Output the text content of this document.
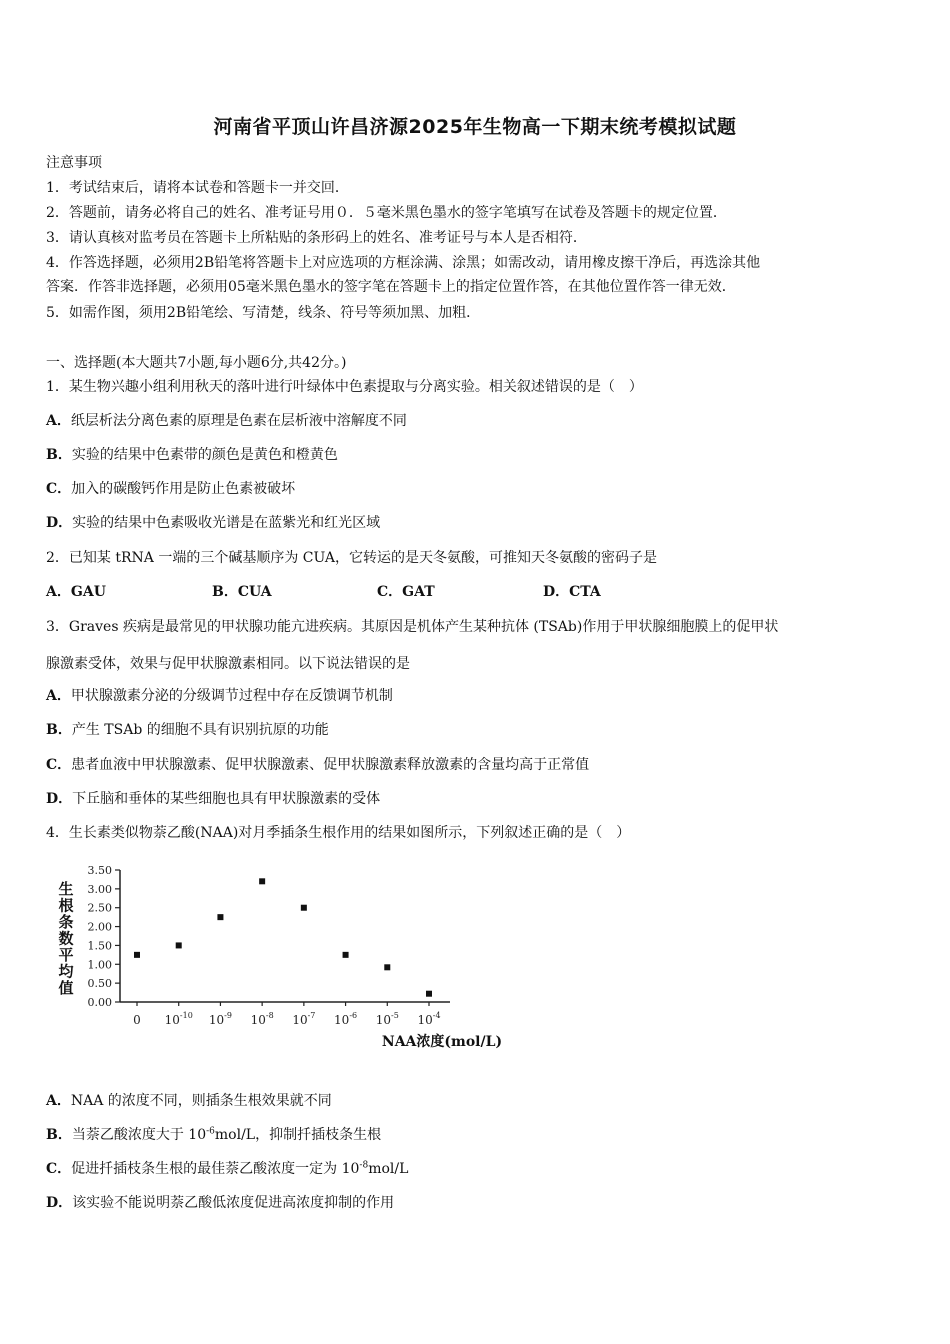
河南省平顶山许昌济源2025年生物高一下期末统考模拟试题
注意事项
1．考试结束后，请将本试卷和答题卡一并交回．
2．答题前，请务必将自己的姓名、准考证号用０．５毫米黑色墨水的签字笔填写在试卷及答题卡的规定位置．
3．请认真核对监考员在答题卡上所粘贴的条形码上的姓名、准考证号与本人是否相符．
4．作答选择题，必须用2B铅笔将答题卡上对应选项的方框涂满、涂黑；如需改动，请用橡皮擦干净后，再选涂其他
答案．作答非选择题，必须用05毫米黑色墨水的签字笔在答题卡上的指定位置作答，在其他位置作答一律无效．
5．如需作图，须用2B铅笔绘、写清楚，线条、符号等须加黑、加粗．
一、选择题(本大题共7小题,每小题6分,共42分。)
1．某生物兴趣小组利用秋天的落叶进行叶绿体中色素提取与分离实验。相关叙述错误的是（　）
A．纸层析法分离色素的原理是色素在层析液中溶解度不同
B．实验的结果中色素带的颜色是黄色和橙黄色
C．加入的碳酸钙作用是防止色素被破坏
D．实验的结果中色素吸收光谱是在蓝紫光和红光区域
2．已知某 tRNA 一端的三个碱基顺序为 CUA，它转运的是天冬氨酸，可推知天冬氨酸的密码子是
A．GAU	B．CUA	C．GAT	D．CTA
3．Graves 疾病是最常见的甲状腺功能亢进疾病。其原因是机体产生某种抗体 (TSAb)作用于甲状腺细胞膜上的促甲状
腺激素受体，效果与促甲状腺激素相同。以下说法错误的是
A．甲状腺激素分泌的分级调节过程中存在反馈调节机制
B．产生 TSAb 的细胞不具有识别抗原的功能
C．患者血液中甲状腺激素、促甲状腺激素、促甲状腺激素释放激素的含量均高于正常值
D．下丘脑和垂体的某些细胞也具有甲状腺激素的受体
4．生长素类似物萘乙酸(NAA)对月季插条生根作用的结果如图所示，下列叙述正确的是（　）
0.00
0.50
1.00
1.50
2.00
2.50
3.00
3.50
0 $10^{-10}$ $10^{-9}$ $10^{-8}$ $10^{-7}$ $10^{-6}$ $10^{-5}$ $10^{-4}$
生
根
条
数
平
均
值
NAA浓度(mol/L)
A．NAA 的浓度不同，则插条生根效果就不同
B．当萘乙酸浓度大于 $10^{-6}mol/L$，抑制扦插枝条生根
C．促进扦插枝条生根的最佳萘乙酸浓度一定为 $10^{-8}mol/L$
D．该实验不能说明萘乙酸低浓度促进高浓度抑制的作用
